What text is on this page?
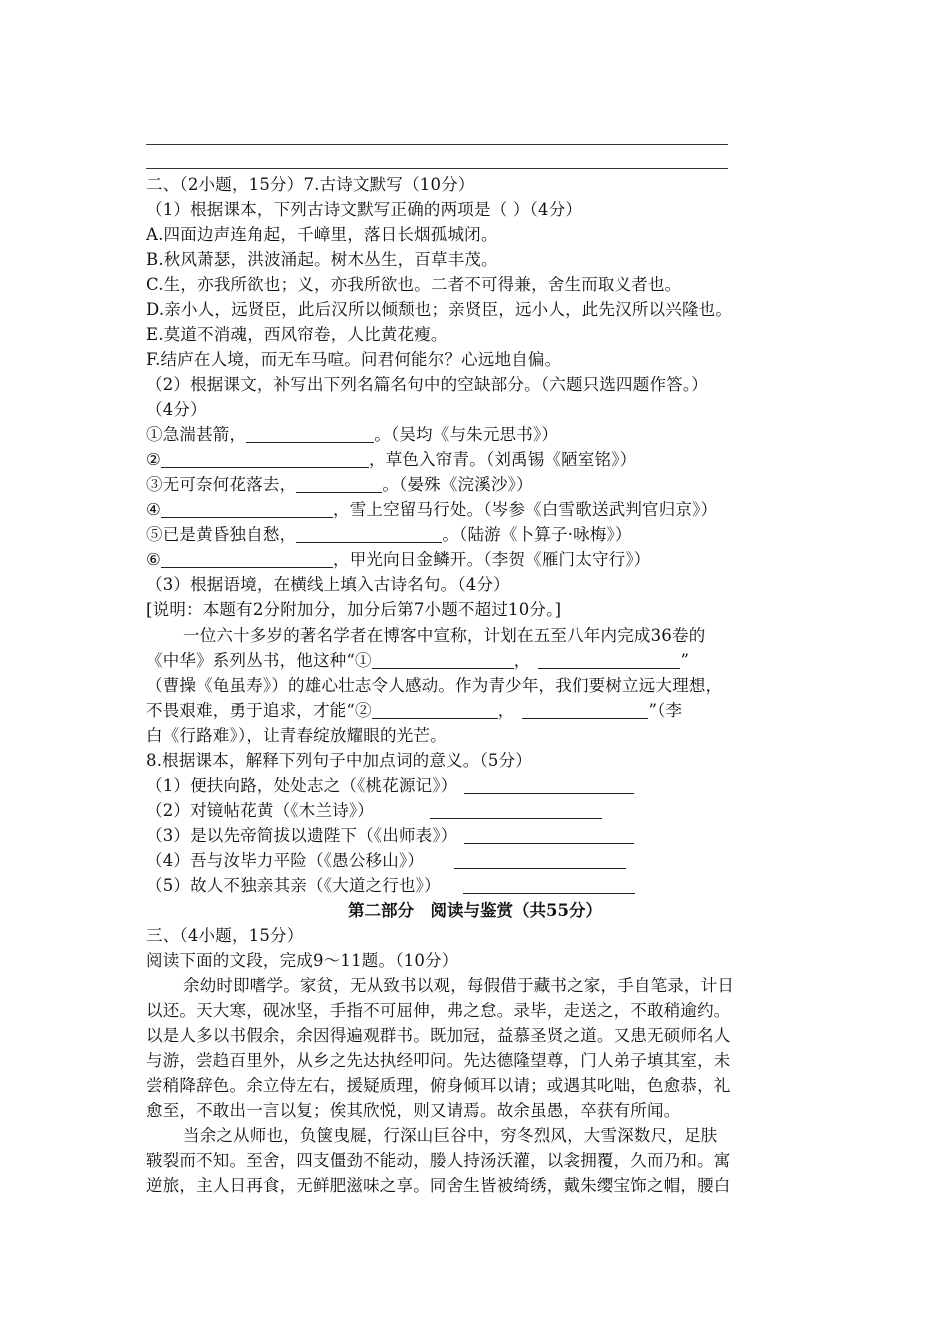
二、（2小题，15分）7.古诗文默写（10分）
（1）根据课本，下列古诗文默写正确的两项是（ ）（4分）
A.四面边声连角起，千嶂里，落日长烟孤城闭。
B.秋风萧瑟，洪波涌起。树木丛生，百草丰茂。
C.生，亦我所欲也；义，亦我所欲也。二者不可得兼，舍生而取义者也。
D.亲小人，远贤臣，此后汉所以倾颓也；亲贤臣，远小人，此先汉所以兴隆也。
E.莫道不消魂，西风帘卷，人比黄花瘦。
F.结庐在人境，而无车马喧。问君何能尔？心远地自偏。
（2）根据课文，补写出下列名篇名句中的空缺部分。（六题只选四题作答。）
（4分）
①急湍甚箭，	。（吴均《与朱元思书》）
②	，草色入帘青。（刘禹锡《陋室铭》）
③无可奈何花落去，	。（晏殊《浣溪沙》）
④	，雪上空留马行处。（岑参《白雪歌送武判官归京》）
⑤已是黄昏独自愁，	。（陆游《卜算子·咏梅》）
⑥	，甲光向日金鳞开。（李贺《雁门太守行》）
（3）根据语境，在横线上填入古诗名句。（4分）
[说明：本题有2分附加分，加分后第7小题不超过10分。]
一位六十多岁的著名学者在博客中宣称，计划在五至八年内完成36卷的
《中华》系列丛书，他这种“①	，	”
（曹操《龟虽寿》）的雄心壮志令人感动。作为青少年，我们要树立远大理想，
不畏艰难，勇于追求，才能“②	，	”（李
白《行路难》），让青春绽放耀眼的光芒。
8.根据课本，解释下列句子中加点词的意义。（5分）
（1）便扶向路，处处志之（《桃花源记》）
（2）对镜帖花黄（《木兰诗》）
（3）是以先帝简拔以遗陛下（《出师表》）
（4）吾与汝毕力平险（《愚公移山》）
（5）故人不独亲其亲（《大道之行也》）
第二部分　阅读与鉴赏（共55分）
三、（4小题，15分）
阅读下面的文段，完成9～11题。（10分）
余幼时即嗜学。家贫，无从致书以观，每假借于藏书之家，手自笔录，计日
以还。天大寒，砚冰坚，手指不可屈伸，弗之怠。录毕，走送之，不敢稍逾约。
以是人多以书假余，余因得遍观群书。既加冠，益慕圣贤之道。又患无硕师名人
与游，尝趋百里外，从乡之先达执经叩问。先达德隆望尊，门人弟子填其室，未
尝稍降辞色。余立侍左右，援疑质理，俯身倾耳以请；或遇其叱咄，色愈恭，礼
愈至，不敢出一言以复；俟其欣悦，则又请焉。故余虽愚，卒获有所闻。
当余之从师也，负箧曳屣，行深山巨谷中，穷冬烈风，大雪深数尺，足肤
皲裂而不知。至舍，四支僵劲不能动，媵人持汤沃灌，以衾拥覆，久而乃和。寓
逆旅，主人日再食，无鲜肥滋味之享。同舍生皆被绮绣，戴朱缨宝饰之帽，腰白
